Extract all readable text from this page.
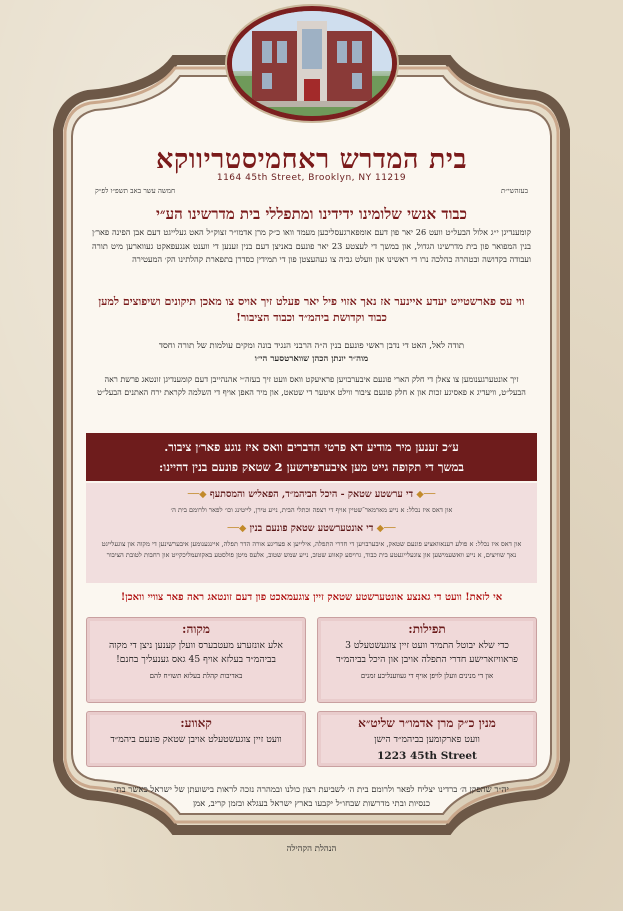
בית המדרש ראחמיסטריווקא
1164 45th Street, Brooklyn, NY 11219
בעזהשי״ת
חמשה עשר באב תשפ״ו לפ״ק
כבוד אנשי שלומינו ידידינו ומתפללי בית מדרשינו הע״י
קומענדיגן י״ג אלול הבעל״ט וועט 26 יאר פון דעם אומפארגעסליכען מעמד וואו כ״ק מרן אדמו״ר זצוק״ל האט געלייגט דעם אבן הפינה פאר׳ן בנין המפואר פון בית מדרשינו הגדול, און במשך די לעצטע 23 יאר פונעם באניצן דעם בנין זענען די ווענט אנגעפאקט געווארען מיט תורה ועבודה בקדושה ובטהרה כהלכה נרו די ראשינו און וועלט גביה צו געהעצטן פון די תמידין כסדרן בתפארת קהלתינו הק׳ המעטירה
ווי עס פארשטייט יעדע איינער אז נאך אזוי פיל יאר פעלט זיך אויס צו מאכן תיקונים ושיפוצים למען כבוד וקדושת ביהמ״ד וכבוד הציבור!
תודה לאל, האט די נדבן ראשי פונעם בנין ה״ה הרבני הנגיד בונה ומקים עולמות של תורה וחסד
מוה״ר יונתן הכהן שווארטסער הי״ו
זיך אונטערגענומען צו צאלן די חלק הארי פונעם איבערבויען פראיעקט וואס וועט זיך בעזה״י אהנהייבן דעם קומענדיגן זונטאג פרשת ראה הבעל״ט, וויעדיג א פאסיגע זכות און א חלק פונעם ציבור ווילט איטער די שטאט, און מיר האפן אויף די השלמה לקראת ירח האתנים הבעל״ט
ע״כ זענען מיר מודיע דא פרטי הדברים וואס איז נוגע פאר׳ן ציבור.
במשך די תקופה גייט מען איבערפירשען 2 שטאק פונעם בנין דהיינו:
──◆ די ערשטע שטאק - היכל הביהמ״ד, הפאליש והמסתעף ◆──
און דאס איז נכלל: א נייע מארמאר־שטיין אויף די רצפה וכתלי הבית, נייע טירן, לייטינג וכו׳ לפאר ולרומם בית ה׳
──◆ די אונטערשטע שטאק פונעם בנין ◆──
און דאס איז נכלל: א פולע רענאוואציע פונעם שטאק, איבערבויען די חדרי התפלה, אילייען א פעדיגע אורה הדר תפלה, איינגענומען איבערשינען די מקוה און צוגעלייגט נאך שוויצים, א נייע וואשעמישען און צוגעלייגעטע בית כבוד, גרויסע קאווע שטוב, נייע שמש שטוב, אלעס מיטן פולסטע באקוועמליכקייט און רחבות לטובת הציבור
אי לזאת! וועט די גאנצע אונטערשטע שטאק זיין צוגעמאכט פון דעם זונטאג ראה פאר צוויי וואכן!
תפילות:
כדי שלא יבוטל התמיד וועט זיין צוגעשטעלט 3 פראוויזארישע חדרי התפלה אויבן און היכל בביהמ״ד
און די מנינים וועלן לויפן אויף די געווענליכע זמנים
מקוה:
אלע אונזערע מעטבערס וועלן קענען ניצן די מקוה בביהמ״ד בעלזא אויף 45 גאס גענעליך בחנם!
באדיבות קהלת בעלזא תשו״ח להם
מנין כ״ק מרן אדמו״ר שליט״א
וועט פארקומען בביהמ״ד הישן
1223 45th Street
קאווע:
וועט זיין צוגעשטעלט אויבן שטאק פונעם ביהמ״ד
יה״ר שהפקן ה׳ ברדינו יצליח לפאר ולרומם בית ה׳ לשביעת רצון כולנו ובמהרה נזכה לראות בישועתן של ישראל כאשר בתי כנסיות ובתי מדרשות שבחו״ל יקבעו בארץ ישראל בעגלא ובזמן קריב, אמן
הנהלת הקהילה
